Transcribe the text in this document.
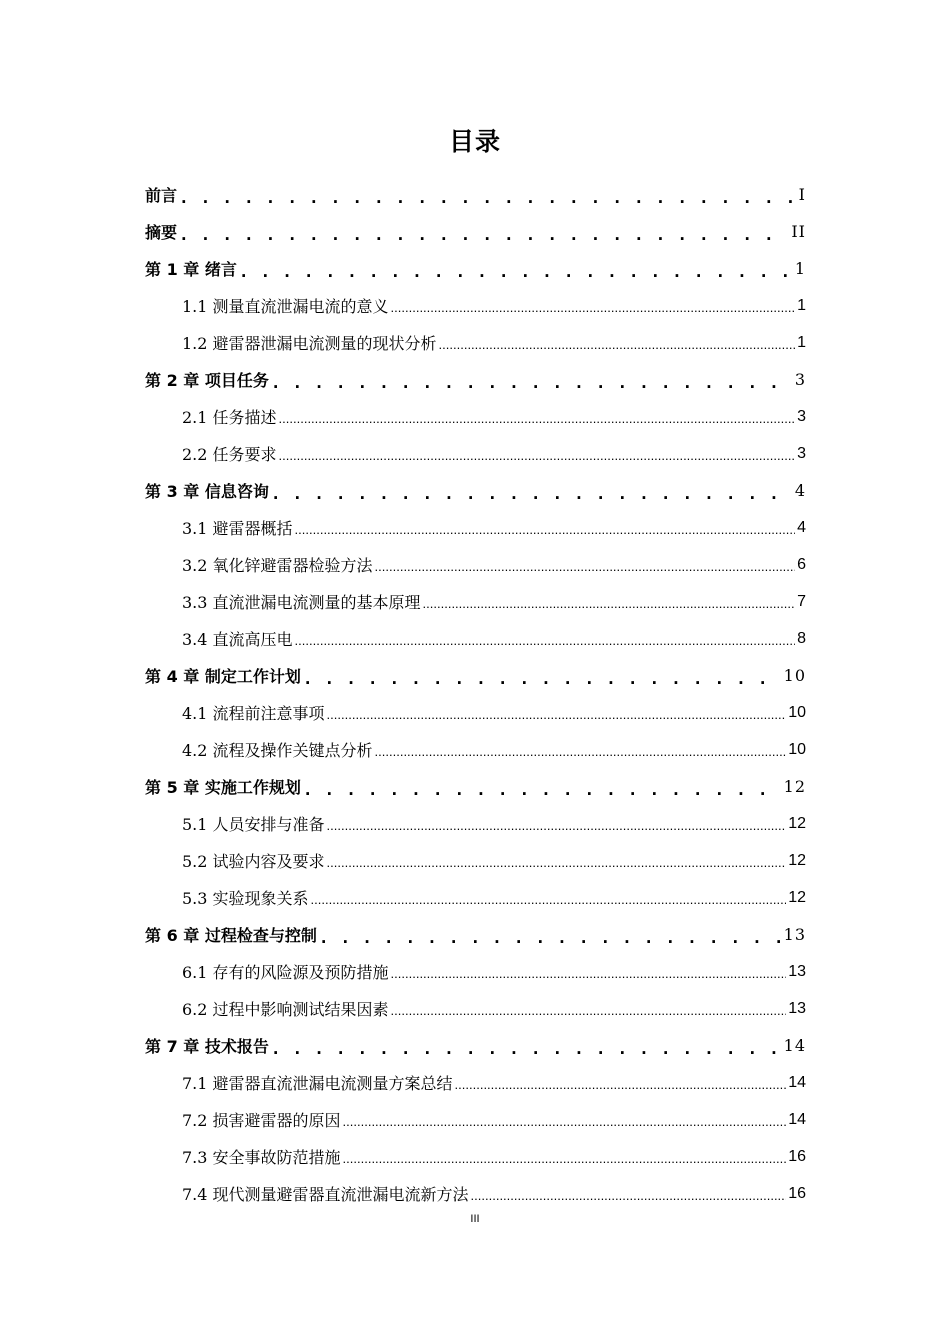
目录
前言 . . .	I
摘要 . . .	II
第 1 章 绪言 . . .	1
1.1 测量直流泄漏电流的意义 .....	1
1.2 避雷器泄漏电流测量的现状分析 .....	1
第 2 章 项目任务 . . .	3
2.1 任务描述 .....	3
2.2 任务要求 .....	3
第 3 章 信息咨询 . . .	4
3.1 避雷器概括 .....	4
3.2 氧化锌避雷器检验方法 .....	6
3.3 直流泄漏电流测量的基本原理 .....	7
3.4 直流高压电 .....	8
第 4 章 制定工作计划 . . .	10
4.1 流程前注意事项 .....	10
4.2 流程及操作关键点分析 .....	10
第 5 章 实施工作规划 . . .	12
5.1 人员安排与准备 .....	12
5.2 试验内容及要求 .....	12
5.3 实验现象关系 .....	12
第 6 章 过程检查与控制 . . .	13
6.1 存有的风险源及预防措施 .....	13
6.2 过程中影响测试结果因素 .....	13
第 7 章 技术报告 . . .	14
7.1 避雷器直流泄漏电流测量方案总结 .....	14
7.2 损害避雷器的原因 .....	14
7.3 安全事故防范措施 .....	16
7.4 现代测量避雷器直流泄漏电流新方法 .....	16
III
